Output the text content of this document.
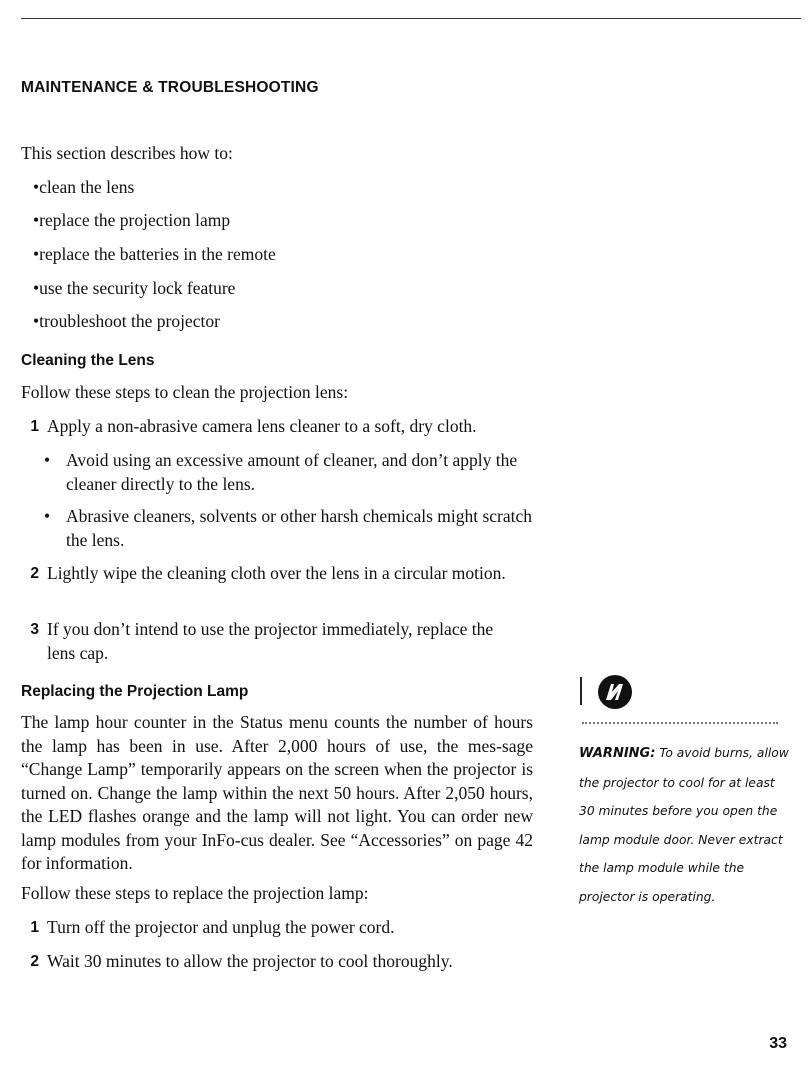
MAINTENANCE & TROUBLESHOOTING
This section describes how to:
•clean the lens
•replace the projection lamp
•replace the batteries in the remote
•use the security lock feature
•troubleshoot the projector
Cleaning the Lens
Follow these steps to clean the projection lens:
1 Apply a non-abrasive camera lens cleaner to a soft, dry cloth.
• Avoid using an excessive amount of cleaner, and don’t apply the cleaner directly to the lens.
• Abrasive cleaners, solvents or other harsh chemicals might scratch the lens.
2 Lightly wipe the cleaning cloth over the lens in a circular motion.
3 If you don’t intend to use the projector immediately, replace the lens cap.
Replacing the Projection Lamp
The lamp hour counter in the Status menu counts the number of hours the lamp has been in use. After 2,000 hours of use, the mes-sage “Change Lamp” temporarily appears on the screen when the projector is turned on. Change the lamp within the next 50 hours. After 2,050 hours, the LED flashes orange and the lamp will not light. You can order new lamp modules from your InFo-cus dealer. See “Accessories” on page 42 for information.
Follow these steps to replace the projection lamp:
1 Turn off the projector and unplug the power cord.
2 Wait 30 minutes to allow the projector to cool thoroughly.
WARNING: To avoid burns, allow the projector to cool for at least 30 minutes before you open the lamp module door. Never extract the lamp module while the projector is operating.
33
